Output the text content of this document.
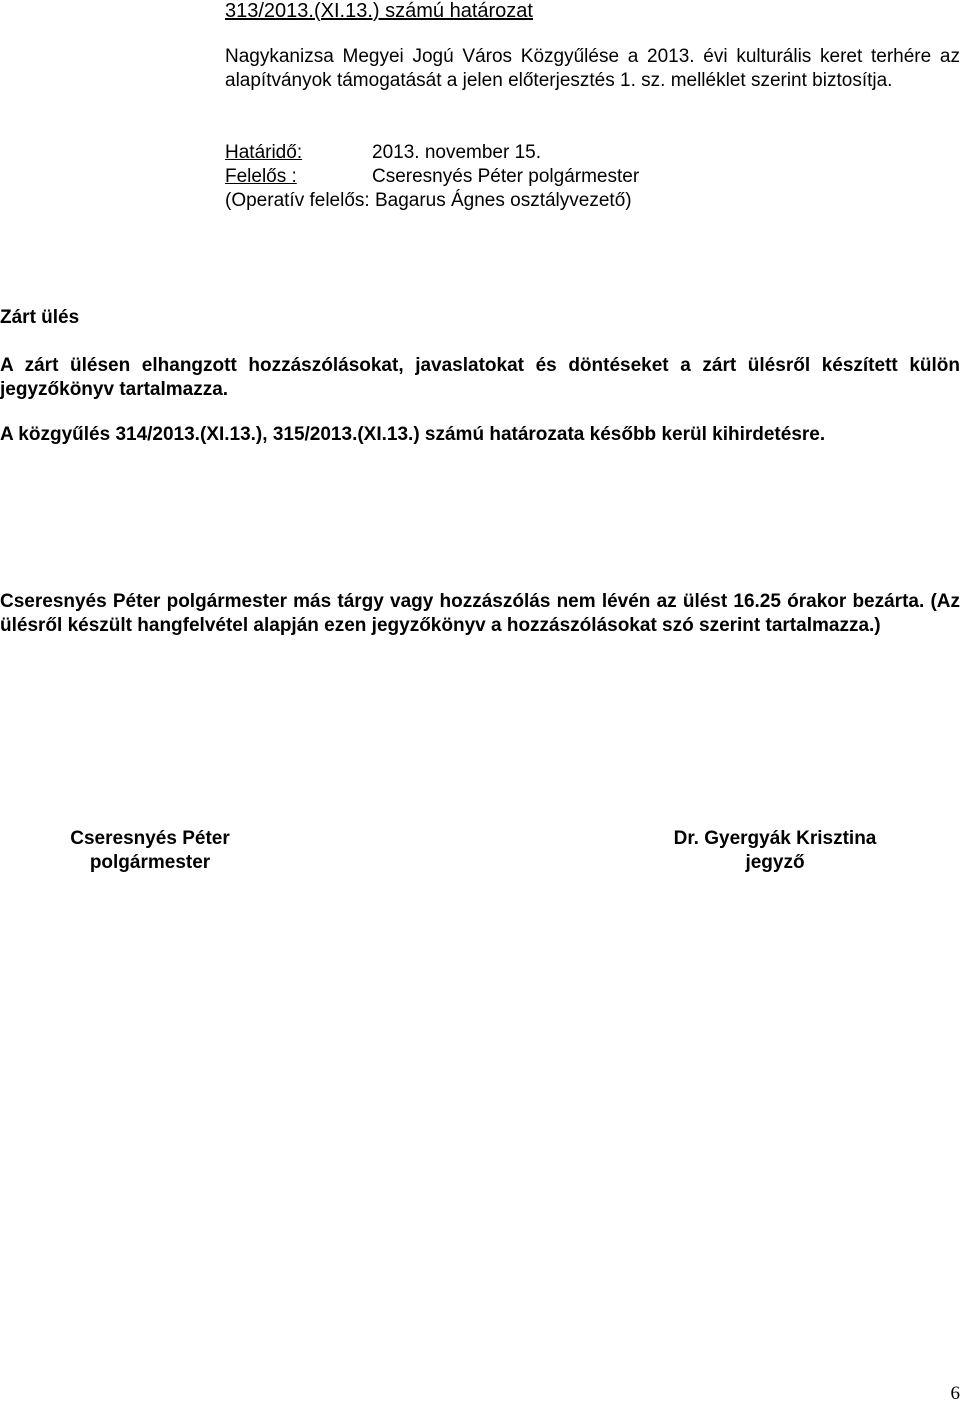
313/2013.(XI.13.) számú határozat
Nagykanizsa Megyei Jogú Város Közgyűlése a 2013. évi kulturális keret terhére az alapítványok támogatását a jelen előterjesztés 1. sz. melléklet szerint biztosítja.
Határidő:	2013. november 15.
Felelős :	Cseresnyés Péter polgármester
(Operatív felelős: Bagarus Ágnes osztályvezető)
Zárt ülés
A zárt ülésen elhangzott hozzászólásokat, javaslatokat és döntéseket a zárt ülésről készített külön jegyzőkönyv tartalmazza.
A közgyűlés 314/2013.(XI.13.), 315/2013.(XI.13.) számú határozata később kerül kihirdetésre.
Cseresnyés Péter polgármester más tárgy vagy hozzászólás nem lévén az ülést 16.25 órakor bezárta. (Az ülésről készült hangfelvétel alapján ezen jegyzőkönyv a hozzászólásokat szó szerint tartalmazza.)
Cseresnyés Péter
polgármester
Dr. Gyergyák Krisztina
jegyző
6
